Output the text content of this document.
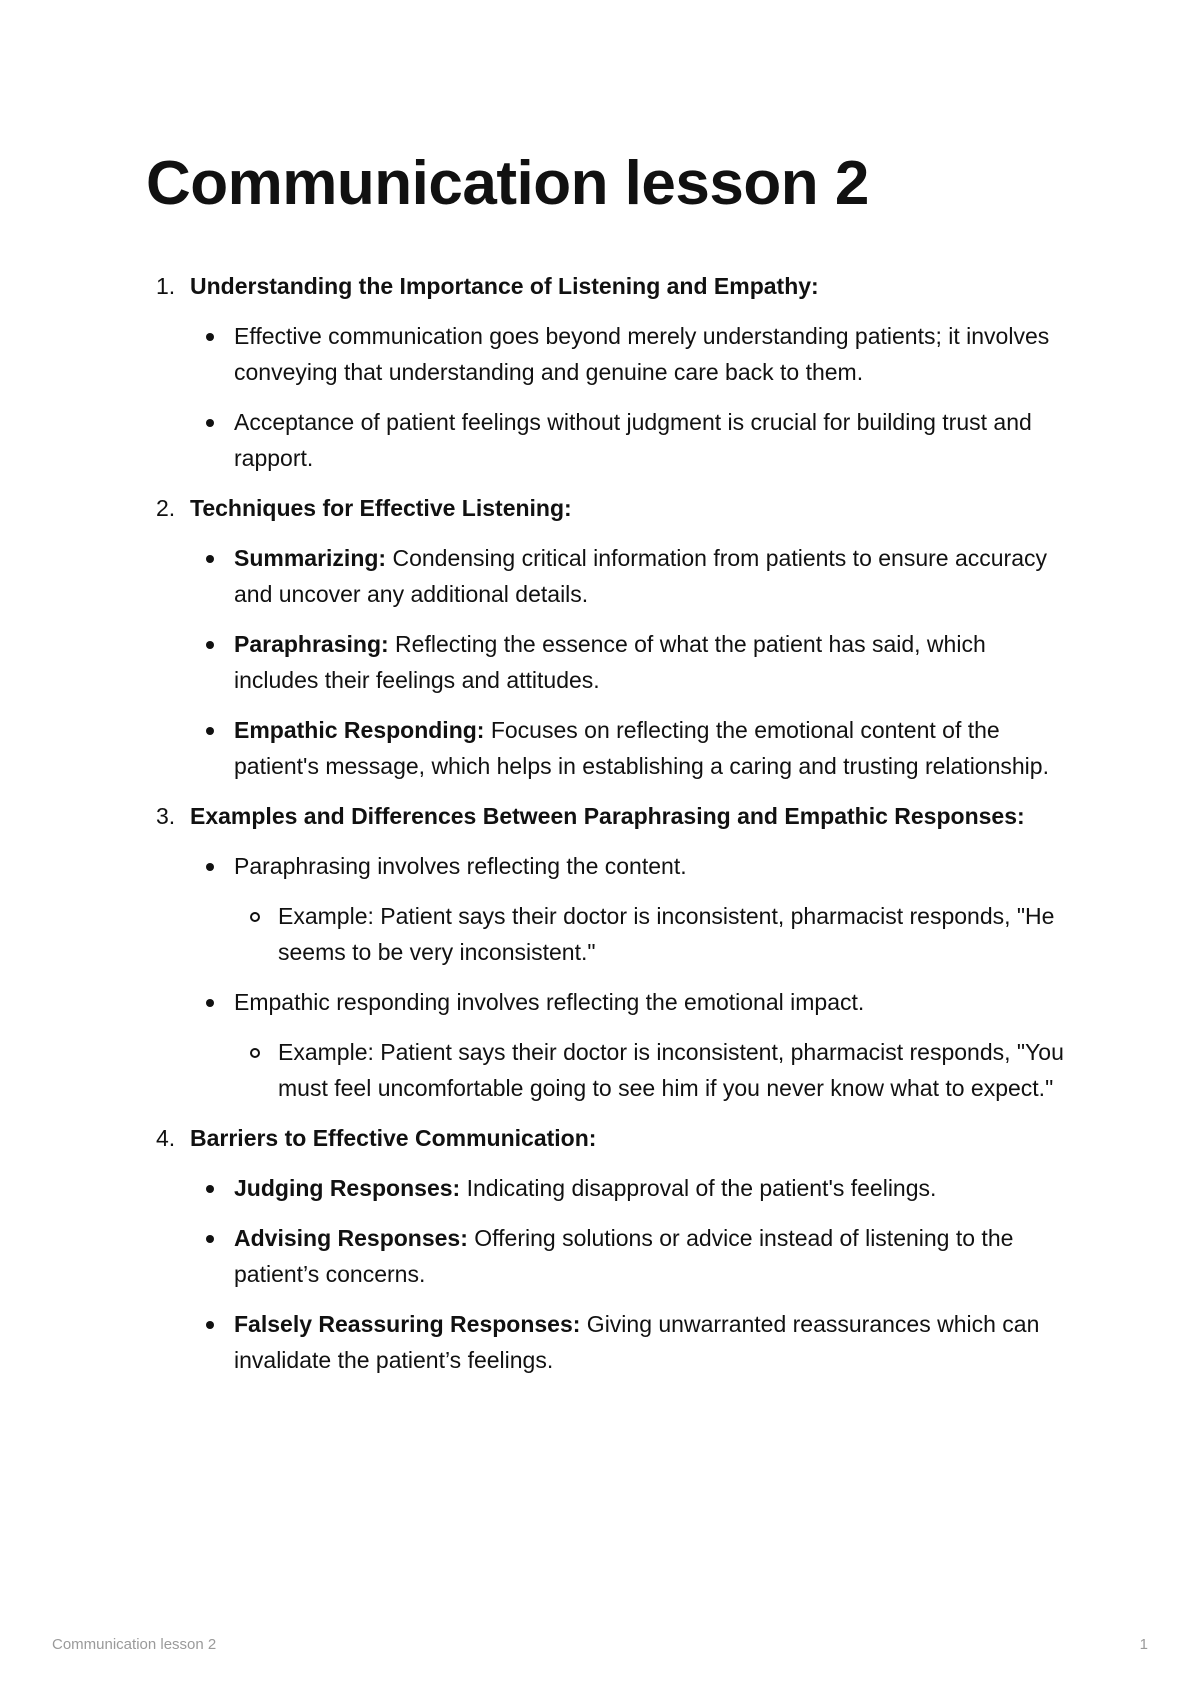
Communication lesson 2
1. Understanding the Importance of Listening and Empathy:
Effective communication goes beyond merely understanding patients; it involves conveying that understanding and genuine care back to them.
Acceptance of patient feelings without judgment is crucial for building trust and rapport.
2. Techniques for Effective Listening:
Summarizing: Condensing critical information from patients to ensure accuracy and uncover any additional details.
Paraphrasing: Reflecting the essence of what the patient has said, which includes their feelings and attitudes.
Empathic Responding: Focuses on reflecting the emotional content of the patient's message, which helps in establishing a caring and trusting relationship.
3. Examples and Differences Between Paraphrasing and Empathic Responses:
Paraphrasing involves reflecting the content.
Example: Patient says their doctor is inconsistent, pharmacist responds, "He seems to be very inconsistent."
Empathic responding involves reflecting the emotional impact.
Example: Patient says their doctor is inconsistent, pharmacist responds, "You must feel uncomfortable going to see him if you never know what to expect."
4. Barriers to Effective Communication:
Judging Responses: Indicating disapproval of the patient's feelings.
Advising Responses: Offering solutions or advice instead of listening to the patient’s concerns.
Falsely Reassuring Responses: Giving unwarranted reassurances which can invalidate the patient’s feelings.
Communication lesson 2	1
